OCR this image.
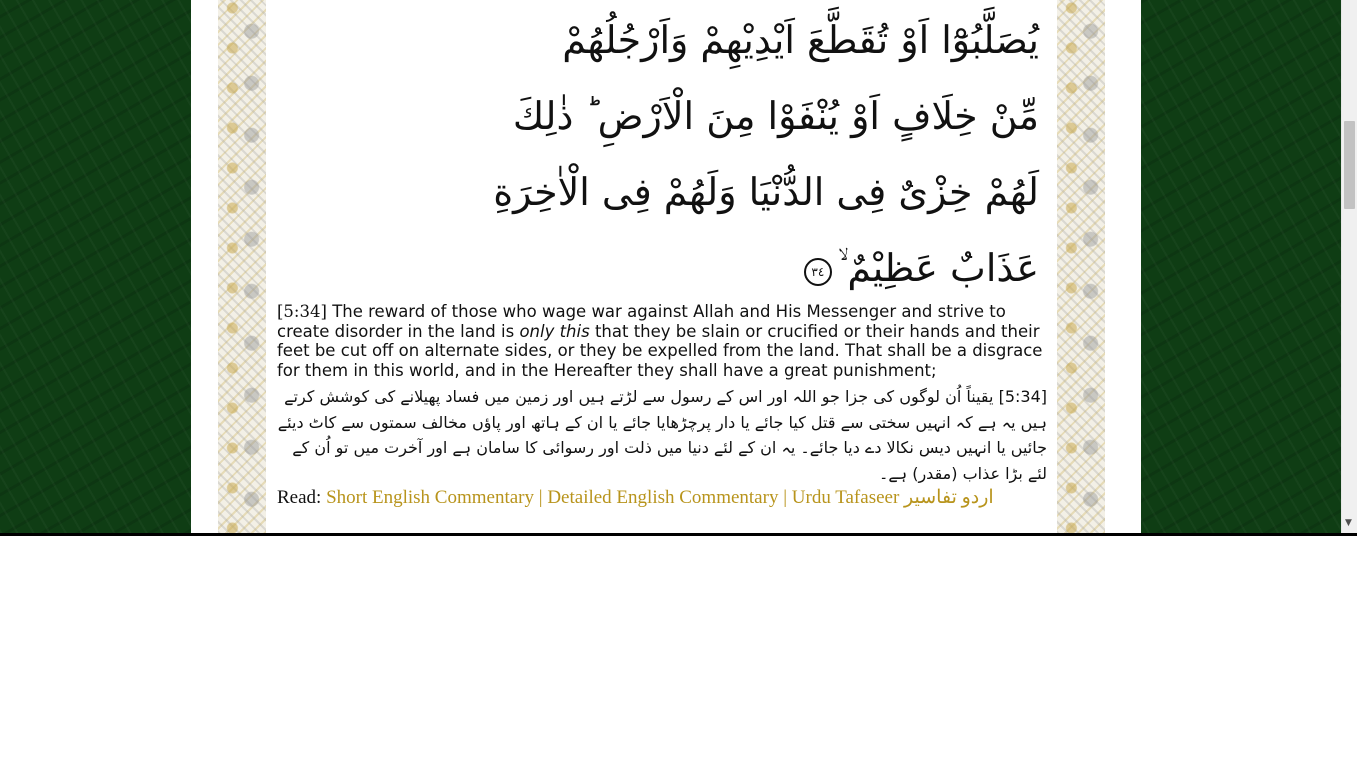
يُصَلَّبُوْٓا اَوْ تُقَطَّعَ اَيْدِيْهِمْ وَاَرْجُلُهُمْ
مِّنْ خِلَافٍ اَوْ يُنْفَوْا مِنَ الْاَرْضِ ؕ ذٰلِكَ
لَهُمْ خِزْىٌ فِى الدُّنْيَا وَلَهُمْ فِى الْاٰخِرَةِ
عَذَابٌ عَظِيْمٌ ۙ٣٤

[5:34] The reward of those who wage war against Allah and His Messenger and strive to create disorder in the land is only this that they be slain or crucified or their hands and their feet be cut off on alternate sides, or they be expelled from the land. That shall be a disgrace for them in this world, and in the Hereafter they shall have a great punishment;

[5:34] یقیناً اُن لوگوں کی جزا جو اللہ اور اس کے رسول سے لڑتے ہیں اور زمین میں فساد پھیلانے کی کوشش کرتے ہیں یہ ہے کہ انہیں سختی سے قتل کیا جائے یا دار پرچڑھایا جائے یا ان کے ہاتھ اور پاؤں مخالف سمتوں سے کاٹ دیئے جائیں یا انہیں دیس نکالا دے دیا جائے۔ یہ ان کے لئے دنیا میں ذلت اور رسوائی کا سامان ہے اور آخرت میں تو اُن کے لئے بڑا عذاب (مقدر) ہے۔

Read: Short English Commentary | Detailed English Commentary | Urdu Tafaseer اردو تفاسیر
▼
